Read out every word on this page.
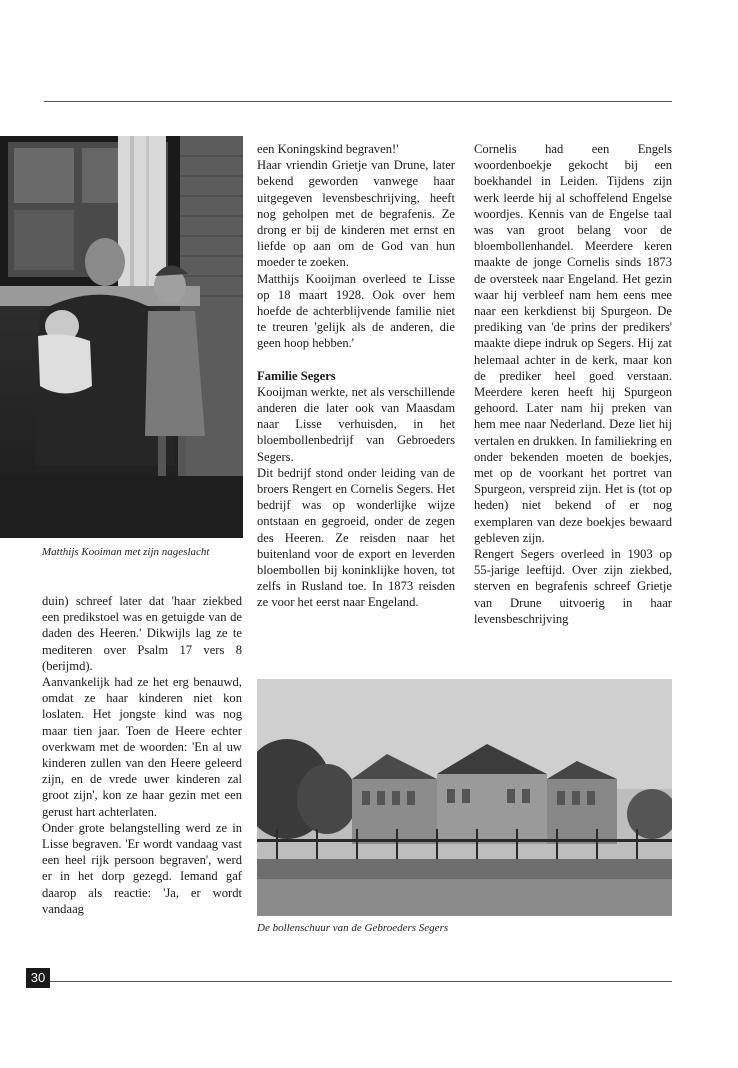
Matthijs Kooiman met zijn nageslacht

duin) schreef later dat 'haar ziekbed een predikstoel was en getuigde van de daden des Heeren.' Dikwijls lag ze te mediteren over Psalm 17 vers 8 (berijmd).

Aanvankelijk had ze het erg benauwd, omdat ze haar kinderen niet kon loslaten. Het jongste kind was nog maar tien jaar. Toen de Heere echter overkwam met de woorden: 'En al uw kinderen zullen van den Heere geleerd zijn, en de vrede uwer kinderen zal groot zijn', kon ze haar gezin met een gerust hart achterlaten.

Onder grote belangstelling werd ze in Lisse begraven. 'Er wordt vandaag vast een heel rijk persoon begraven', werd er in het dorp gezegd. Iemand gaf daarop als reactie: 'Ja, er wordt vandaag

een Koningskind begraven!'

Haar vriendin Grietje van Drune, later bekend geworden vanwege haar uitgegeven levensbeschrijving, heeft nog geholpen met de begrafenis. Ze drong er bij de kinderen met ernst en liefde op aan om de God van hun moeder te zoeken.

Matthijs Kooijman overleed te Lisse op 18 maart 1928. Ook over hem hoefde de achterblijvende familie niet te treuren 'gelijk als de anderen, die geen hoop hebben.'

Familie Segers

Kooijman werkte, net als verschillende anderen die later ook van Maasdam naar Lisse verhuisden, in het bloembollenbedrijf van Gebroeders Segers.

Dit bedrijf stond onder leiding van de broers Rengert en Cornelis Segers. Het bedrijf was op wonderlijke wijze ontstaan en gegroeid, onder de zegen des Heeren. Ze reisden naar het buitenland voor de export en leverden bloembollen bij koninklijke hoven, tot zelfs in Rusland toe. In 1873 reisden ze voor het eerst naar Engeland.

Cornelis had een Engels woordenboekje gekocht bij een boekhandel in Leiden. Tijdens zijn werk leerde hij al schoffelend Engelse woordjes. Kennis van de Engelse taal was van groot belang voor de bloembollenhandel. Meerdere keren maakte de jonge Cornelis sinds 1873 de oversteek naar Engeland. Het gezin waar hij verbleef nam hem eens mee naar een kerkdienst bij Spurgeon. De prediking van 'de prins der predikers' maakte diepe indruk op Segers. Hij zat helemaal achter in de kerk, maar kon de prediker heel goed verstaan. Meerdere keren heeft hij Spurgeon gehoord. Later nam hij preken van hem mee naar Nederland. Deze liet hij vertalen en drukken. In familiekring en onder bekenden moeten de boekjes, met op de voorkant het portret van Spurgeon, verspreid zijn. Het is (tot op heden) niet bekend of er nog exemplaren van deze boekjes bewaard gebleven zijn.

Rengert Segers overleed in 1903 op 55-jarige leeftijd. Over zijn ziekbed, sterven en begrafenis schreef Grietje van Drune uitvoerig in haar levensbeschrijving

De bollenschuur van de Gebroeders Segers
30
